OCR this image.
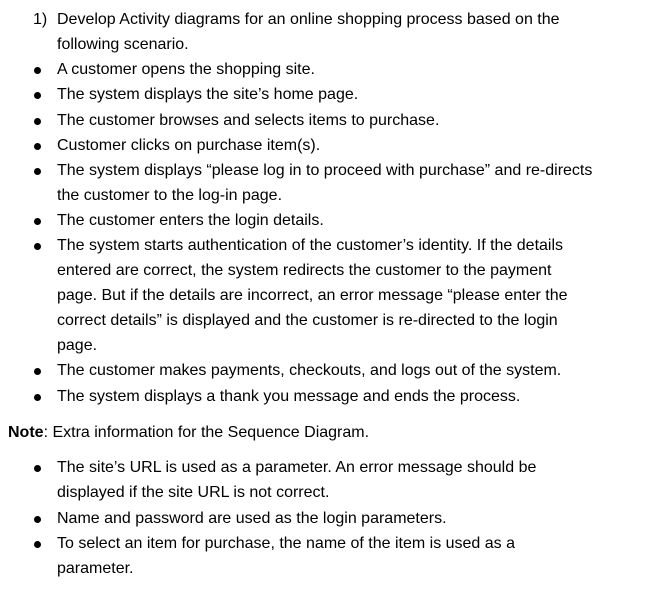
1) Develop Activity diagrams for an online shopping process based on the
following scenario.
A customer opens the shopping site.
The system displays the site’s home page.
The customer browses and selects items to purchase.
Customer clicks on purchase item(s).
The system displays “please log in to proceed with purchase” and re-directs
the customer to the log-in page.
The customer enters the login details.
The system starts authentication of the customer’s identity. If the details
entered are correct, the system redirects the customer to the payment
page. But if the details are incorrect, an error message “please enter the
correct details” is displayed and the customer is re-directed to the login
page.
The customer makes payments, checkouts, and logs out of the system.
The system displays a thank you message and ends the process.
Note: Extra information for the Sequence Diagram.
The site’s URL is used as a parameter. An error message should be
displayed if the site URL is not correct.
Name and password are used as the login parameters.
To select an item for purchase, the name of the item is used as a
parameter.
